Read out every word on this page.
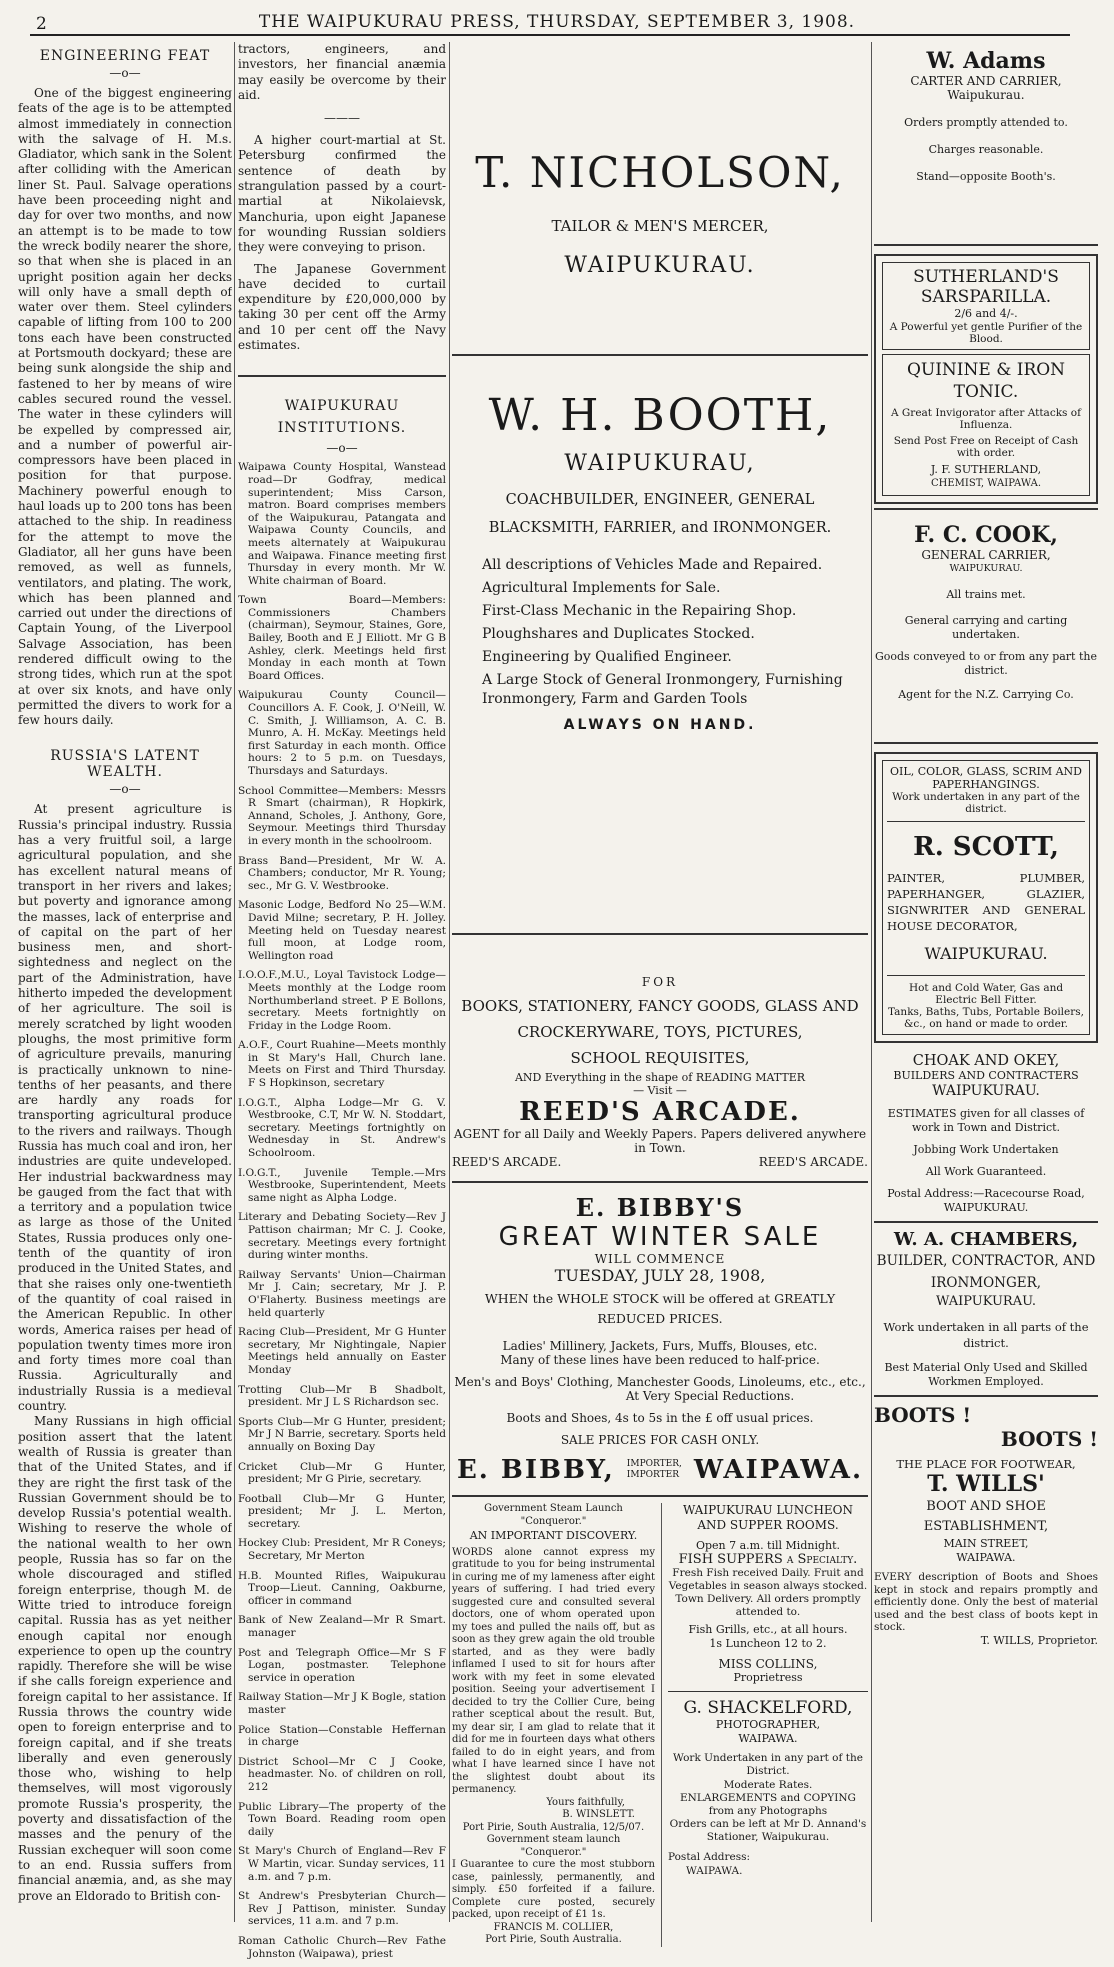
2	THE WAIPUKURAU PRESS, THURSDAY, SEPTEMBER 3, 1908.
ENGINEERING FEAT
—o—

One of the biggest engineering feats of the age is to be attempted almost immediately in connection with the salvage of H. M.s. Gladiator, which sank in the Solent after colliding with the American liner St. Paul. Salvage operations have been proceeding night and day for over two months, and now an attempt is to be made to tow the wreck bodily nearer the shore, so that when she is placed in an upright position again her decks will only have a small depth of water over them. Steel cylinders capable of lifting from 100 to 200 tons each have been constructed at Portsmouth dockyard; these are being sunk alongside the ship and fastened to her by means of wire cables secured round the vessel. The water in these cylinders will be expelled by compressed air, and a number of powerful air-compressors have been placed in position for that purpose. Machinery powerful enough to haul loads up to 200 tons has been attached to the ship. In readiness for the attempt to move the Gladiator, all her guns have been removed, as well as funnels, ventilators, and plating. The work, which has been planned and carried out under the directions of Captain Young, of the Liverpool Salvage Association, has been rendered difficult owing to the strong tides, which run at the spot at over six knots, and have only permitted the divers to work for a few hours daily.

RUSSIA'S LATENT WEALTH.
—o—

At present agriculture is Russia's principal industry. Russia has a very fruitful soil, a large agricultural population, and she has excellent natural means of transport in her rivers and lakes; but poverty and ignorance among the masses, lack of enterprise and of capital on the part of her business men, and short-sightedness and neglect on the part of the Administration, have hitherto impeded the development of her agriculture. The soil is merely scratched by light wooden ploughs, the most primitive form of agriculture prevails, manuring is practically unknown to nine-tenths of her peasants, and there are hardly any roads for transporting agricultural produce to the rivers and railways. Though Russia has much coal and iron, her industries are quite undeveloped. Her industrial backwardness may be gauged from the fact that with a territory and a population twice as large as those of the United States, Russia produces only one-tenth of the quantity of iron produced in the United States, and that she raises only one-twentieth of the quantity of coal raised in the American Republic. In other words, America raises per head of population twenty times more iron and forty times more coal than Russia. Agriculturally and industrially Russia is a medieval country.

Many Russians in high official position assert that the latent wealth of Russia is greater than that of the United States, and if they are right the first task of the Russian Government should be to develop Russia's potential wealth. Wishing to reserve the whole of the national wealth to her own people, Russia has so far on the whole discouraged and stifled foreign enterprise, though M. de Witte tried to introduce foreign capital. Russia has as yet neither enough capital nor enough experience to open up the country rapidly. Therefore she will be wise if she calls foreign experience and foreign capital to her assistance. If Russia throws the country wide open to foreign enterprise and to foreign capital, and if she treats liberally and even generously those who, wishing to help themselves, will most vigorously promote Russia's prosperity, the poverty and dissatisfaction of the masses and the penury of the Russian exchequer will soon come to an end. Russia suffers from financial anæmia, and, as she may prove an Eldorado to British con-

tractors, engineers, and investors, her financial anæmia may easily be overcome by their aid.

———

A higher court-martial at St. Petersburg confirmed the sentence of death by strangulation passed by a court-martial at Nikolaievsk, Manchuria, upon eight Japanese for wounding Russian soldiers they were conveying to prison.

The Japanese Government have decided to curtail expenditure by £20,000,000 by taking 30 per cent off the Army and 10 per cent off the Navy estimates.

WAIPUKURAU INSTITUTIONS.
—o—

Waipawa County Hospital, Wanstead road—Dr Godfray, medical superintendent; Miss Carson, matron. Board comprises members of the Waipukurau, Patangata and Waipawa County Councils, and meets alternately at Waipukurau and Waipawa. Finance meeting first Thursday in every month. Mr W. White chairman of Board.

Town Board—Members: Commissioners Chambers (chairman), Seymour, Staines, Gore, Bailey, Booth and E J Elliott. Mr G B Ashley, clerk. Meetings held first Monday in each month at Town Board Offices.

Waipukurau County Council—Councillors A. F. Cook, J. O'Neill, W. C. Smith, J. Williamson, A. C. B. Munro, A. H. McKay. Meetings held first Saturday in each month. Office hours: 2 to 5 p.m. on Tuesdays, Thursdays and Saturdays.

School Committee—Members: Messrs R Smart (chairman), R Hopkirk, Annand, Scholes, J. Anthony, Gore, Seymour. Meetings third Thursday in every month in the schoolroom.

Brass Band—President, Mr W. A. Chambers; conductor, Mr R. Young; sec., Mr G. V. Westbrooke.

Masonic Lodge, Bedford No 25—W.M. David Milne; secretary, P. H. Jolley. Meeting held on Tuesday nearest full moon, at Lodge room, Wellington road

I.O.O.F.,M.U., Loyal Tavistock Lodge—Meets monthly at the Lodge room Northumberland street. P E Bollons, secretary. Meets fortnightly on Friday in the Lodge Room.

A.O.F., Court Ruahine—Meets monthly in St Mary's Hall, Church lane. Meets on First and Third Thursday. F S Hopkinson, secretary

I.O.G.T., Alpha Lodge—Mr G. V. Westbrooke, C.T, Mr W. N. Stoddart, secretary. Meetings fortnightly on Wednesday in St. Andrew's Schoolroom.

I.O.G.T., Juvenile Temple.—Mrs Westbrooke, Superintendent, Meets same night as Alpha Lodge.

Literary and Debating Society—Rev J Pattison chairman; Mr C. J. Cooke, secretary. Meetings every fortnight during winter months.

Railway Servants' Union—Chairman Mr J. Cain; secretary, Mr J. P. O'Flaherty. Business meetings are held quarterly

Racing Club—President, Mr G Hunter secretary, Mr Nightingale, Napier Meetings held annually on Easter Monday

Trotting Club—Mr B Shadbolt, president. Mr J L S Richardson sec.

Sports Club—Mr G Hunter, president; Mr J N Barrie, secretary. Sports held annually on Boxing Day

Cricket Club—Mr G Hunter, president; Mr G Pirie, secretary.

Football Club—Mr G Hunter, president; Mr J. L. Merton, secretary.

Hockey Club: President, Mr R Coneys; Secretary, Mr Merton

H.B. Mounted Rifles, Waipukurau Troop—Lieut. Canning, Oakburne, officer in command

Bank of New Zealand—Mr R Smart. manager

Post and Telegraph Office—Mr S F Logan, postmaster. Telephone service in operation

Railway Station—Mr J K Bogle, station master

Police Station—Constable Heffernan in charge

District School—Mr C J Cooke, headmaster. No. of children on roll, 212

Public Library—The property of the Town Board. Reading room open daily

St Mary's Church of England—Rev F W Martin, vicar. Sunday services, 11 a.m. and 7 p.m.

St Andrew's Presbyterian Church—Rev J Pattison, minister. Sunday services, 11 a.m. and 7 p.m.

Roman Catholic Church—Rev Fathe Johnston (Waipawa), priest

T. NICHOLSON,
TAILOR & MEN'S MERCER,
WAIPUKURAU.
W. H. BOOTH,
WAIPUKURAU,
COACHBUILDER, ENGINEER, GENERAL BLACKSMITH, FARRIER, and IRONMONGER.
All descriptions of Vehicles Made and Repaired.
Agricultural Implements for Sale.
First-Class Mechanic in the Repairing Shop.
Ploughshares and Duplicates Stocked.
Engineering by Qualified Engineer.
A Large Stock of General Ironmongery, Furnishing Ironmongery, Farm and Garden Tools
ALWAYS ON HAND.
FOR
BOOKS, STATIONERY, FANCY GOODS, GLASS AND
CROCKERYWARE, TOYS, PICTURES,
SCHOOL REQUISITES,
AND Everything in the shape of READING MATTER
— Visit —
REED'S ARCADE.
AGENT for all Daily and Weekly Papers. Papers delivered anywhere in Town.
REED'S ARCADE.	REED'S ARCADE.
E. BIBBY'S
GREAT WINTER SALE
WILL COMMENCE
TUESDAY, JULY 28, 1908,
WHEN the WHOLE STOCK will be offered at GREATLY REDUCED PRICES.
Ladies' Millinery, Jackets, Furs, Muffs, Blouses, etc.
Many of these lines have been reduced to half-price.
Men's and Boys' Clothing, Manchester Goods, Linoleums, etc., etc.,
At Very Special Reductions.
Boots and Shoes, 4s to 5s in the £ off usual prices.
SALE PRICES FOR CASH ONLY.
E. BIBBY, IMPORTER,
IMPORTER WAIPAWA.
Government Steam Launch
"Conqueror."
AN IMPORTANT DISCOVERY.
WORDS alone cannot express my gratitude to you for being instrumental in curing me of my lameness after eight years of suffering. I had tried every suggested cure and consulted several doctors, one of whom operated upon my toes and pulled the nails off, but as soon as they grew again the old trouble started, and as they were badly inflamed I used to sit for hours after work with my feet in some elevated position. Seeing your advertisement I decided to try the Collier Cure, being rather sceptical about the result. But, my dear sir, I am glad to relate that it did for me in fourteen days what others failed to do in eight years, and from what I have learned since I have not the slightest doubt about its permanency.
Yours faithfully,
B. WINSLETT.
Port Pirie, South Australia, 12/5/07.
Government steam launch
"Conqueror."
I Guarantee to cure the most stubborn case, painlessly, permanently, and simply. £50 forfeited if a failure. Complete cure posted, securely packed, upon receipt of £1 1s.
FRANCIS M. COLLIER,
Port Pirie, South Australia.
WAIPUKURAU LUNCHEON AND SUPPER ROOMS.
Open 7 a.m. till Midnight.
FISH SUPPERS a Specialty.
Fresh Fish received Daily. Fruit and Vegetables in season always stocked. Town Delivery. All orders promptly attended to.
Fish Grills, etc., at all hours.
1s Luncheon 12 to 2.
MISS COLLINS,
Proprietress
G. SHACKELFORD,
PHOTOGRAPHER,
WAIPAWA.
Work Undertaken in any part of the District.
Moderate Rates.
ENLARGEMENTS and COPYING from any Photographs
Orders can be left at Mr D. Annand's Stationer, Waipukurau.
Postal Address:
WAIPAWA.
W. Adams
CARTER AND CARRIER,
Waipukurau.
Orders promptly attended to.
Charges reasonable.
Stand—opposite Booth's.
SUTHERLAND'S SARSPARILLA.
2/6 and 4/-.
A Powerful yet gentle Purifier of the Blood.
QUININE & IRON TONIC.
A Great Invigorator after Attacks of Influenza.
Send Post Free on Receipt of Cash with order.
J. F. SUTHERLAND,
CHEMIST, WAIPAWA.
F. C. COOK,
GENERAL CARRIER,
WAIPUKURAU.
All trains met.
General carrying and carting undertaken.
Goods conveyed to or from any part the district.
Agent for the N.Z. Carrying Co.
OIL, COLOR, GLASS, SCRIM AND PAPERHANGINGS.
Work undertaken in any part of the district.
R. SCOTT,
PAINTER, PLUMBER, PAPERHANGER, GLAZIER, SIGNWRITER AND GENERAL HOUSE DECORATOR,
WAIPUKURAU.
Hot and Cold Water, Gas and Electric Bell Fitter.
Tanks, Baths, Tubs, Portable Boilers, &c., on hand or made to order.
CHOAK AND OKEY,
BUILDERS AND CONTRACTERS
WAIPUKURAU.
ESTIMATES given for all classes of work in Town and District.
Jobbing Work Undertaken
All Work Guaranteed.
Postal Address:—Racecourse Road,
WAIPUKURAU.
W. A. CHAMBERS,
BUILDER, CONTRACTOR, AND IRONMONGER,
WAIPUKURAU.
Work undertaken in all parts of the district.
Best Material Only Used and Skilled Workmen Employed.
BOOTS !
BOOTS !
THE PLACE FOR FOOTWEAR,
T. WILLS'
BOOT AND SHOE ESTABLISHMENT,
MAIN STREET,
WAIPAWA.
EVERY description of Boots and Shoes kept in stock and repairs promptly and efficiently done. Only the best of material used and the best class of boots kept in stock.
T. WILLS, Proprietor.
